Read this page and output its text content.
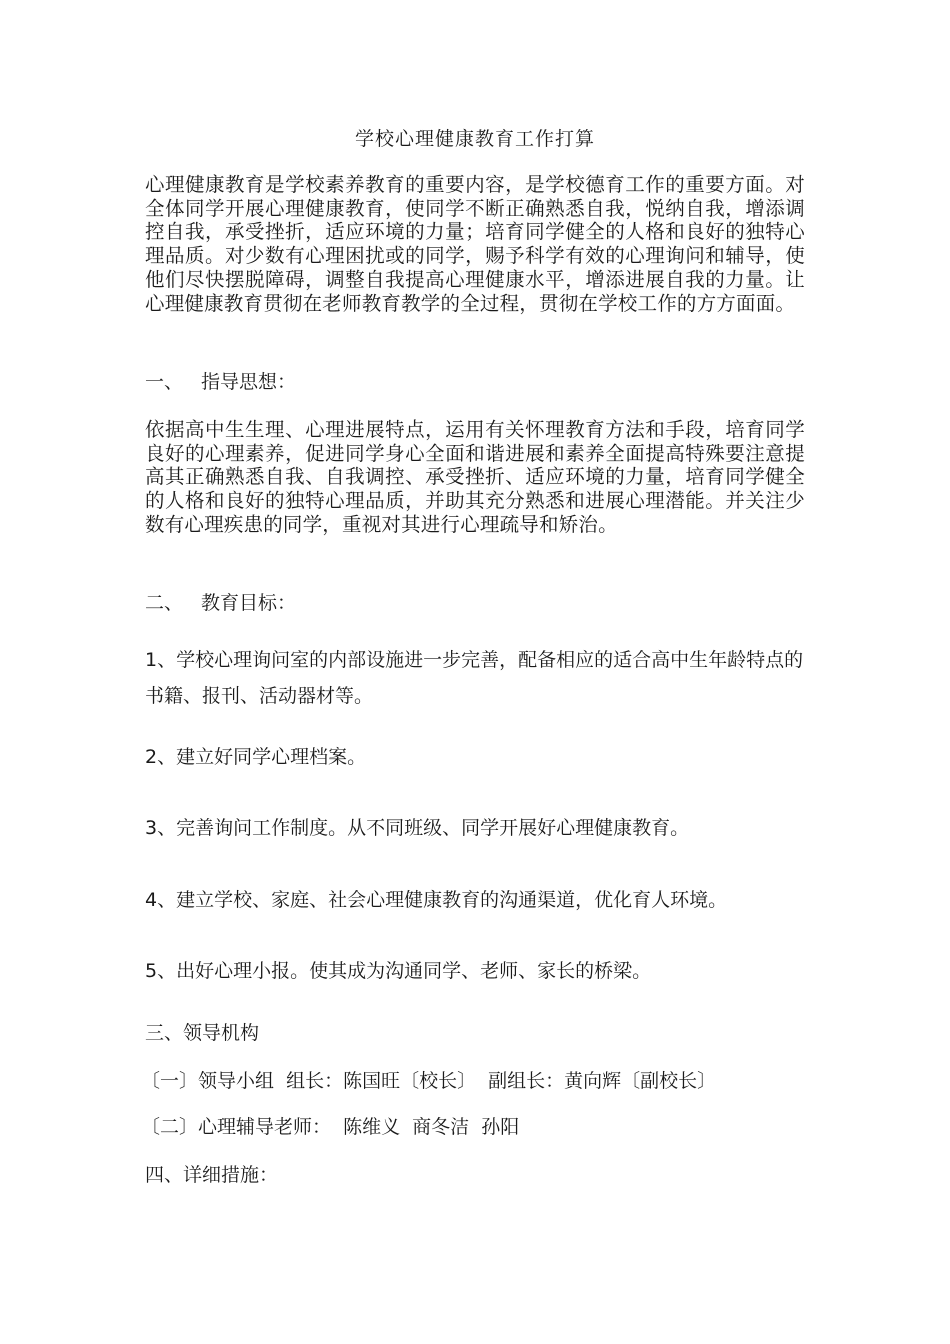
学校心理健康教育工作打算

心理健康教育是学校素养教育的重要内容，是学校德育工作的重要方面。对全体同学开展心理健康教育，使同学不断正确熟悉自我，悦纳自我，增添调控自我，承受挫折，适应环境的力量；培育同学健全的人格和良好的独特心理品质。对少数有心理困扰或的同学，赐予科学有效的心理询问和辅导，使他们尽快摆脱障碍，调整自我提高心理健康水平，增添进展自我的力量。让心理健康教育贯彻在老师教育教学的全过程，贯彻在学校工作的方方面面。

一、 指导思想：

依据高中生生理、心理进展特点，运用有关怀理教育方法和手段，培育同学良好的心理素养，促进同学身心全面和谐进展和素养全面提高特殊要注意提高其正确熟悉自我、自我调控、承受挫折、适应环境的力量，培育同学健全的人格和良好的独特心理品质，并助其充分熟悉和进展心理潜能。并关注少数有心理疾患的同学，重视对其进行心理疏导和矫治。

二、 教育目标：

1、学校心理询问室的内部设施进一步完善，配备相应的适合高中生年龄特点的书籍、报刊、活动器材等。

2、建立好同学心理档案。
3、完善询问工作制度。从不同班级、同学开展好心理健康教育。
4、建立学校、家庭、社会心理健康教育的沟通渠道，优化育人环境。
5、出好心理小报。使其成为沟通同学、老师、家长的桥梁。
三、领导机构
〔一〕领导小组  组长：陈国旺〔校长〕  副组长：黄向辉〔副校长〕
〔二〕心理辅导老师：  陈维义  商冬洁  孙阳
四、详细措施：
